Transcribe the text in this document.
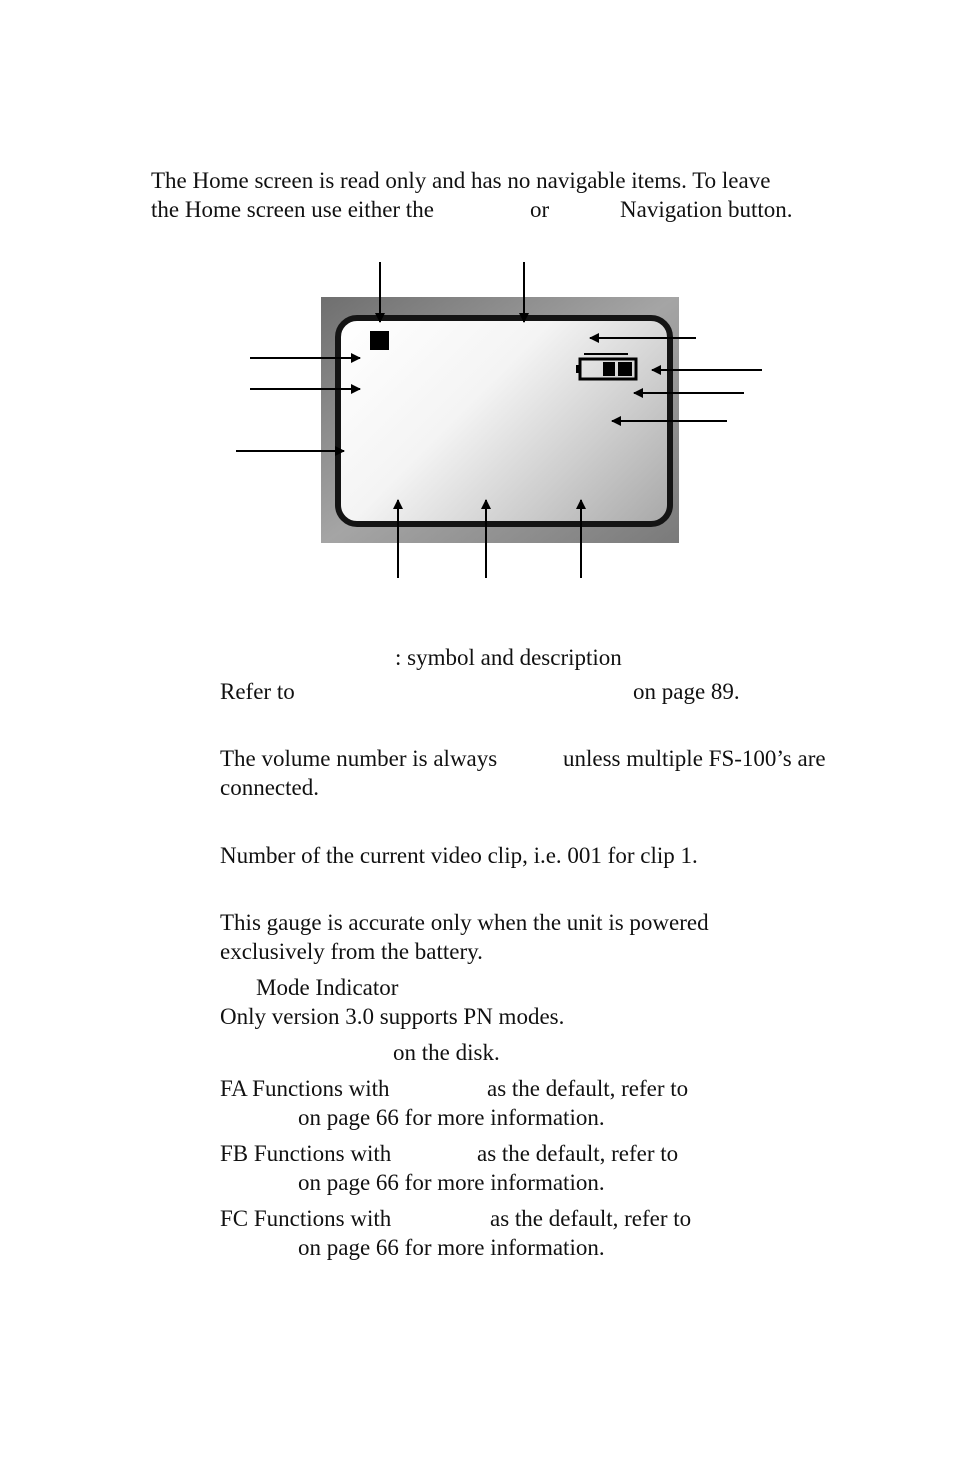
The Home screen is read only and has no navigable items. To leave
the Home screen use either the	or	Navigation button.
: symbol and description
Refer to	on page 89.
The volume number is always	unless multiple FS-100’s are
connected.
Number of the current video clip, i.e. 001 for clip 1.
This gauge is accurate only when the unit is powered
exclusively from the battery.
Mode Indicator
Only version 3.0 supports PN modes.
on the disk.
FA Functions with	as the default, refer to
on page 66 for more information.
FB Functions with	as the default, refer to
on page 66 for more information.
FC Functions with	as the default, refer to
on page 66 for more information.
